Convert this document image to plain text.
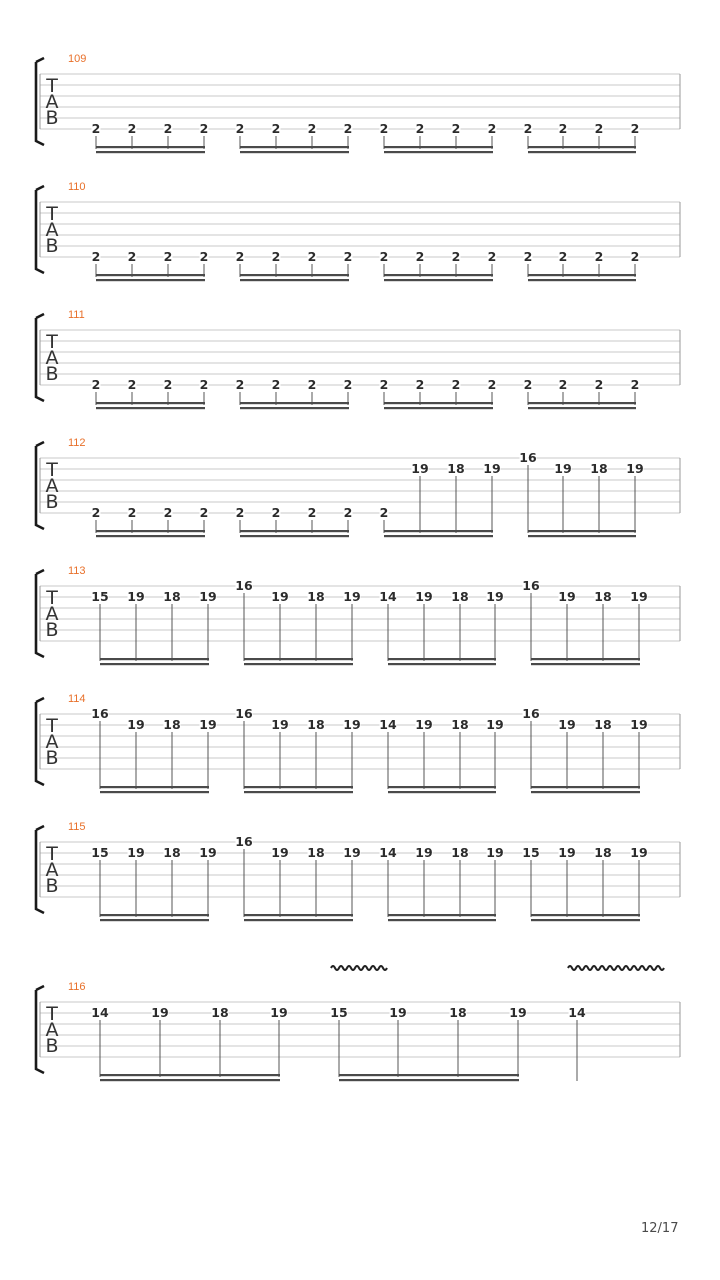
109
T
A
B	2 2 2 2 2 2 2 2 2 2 2 2 2 2 2 2
110
T
A
B	2 2 2 2 2 2 2 2 2 2 2 2 2 2 2 2
111
T
A
B	2 2 2 2 2 2 2 2 2 2 2 2 2 2 2 2
112
T
A
B	2 2 2 2 2 2 2 2 2
19 18 19
16
19 18 19
113
T
A
B
15 19 18 19
16
19 18 19 14 19 18 19
16
19 18 19
114
T
A
B
16
19 18 19
16
19 18 19 14 19 18 19
16
19 18 19
115
T
A
B
15 19 18 19
16
19 18 19 14 19 18 19 15 19 18 19
116
T
A
B
14	19	18	19	15	19	18	19	14
12/17
